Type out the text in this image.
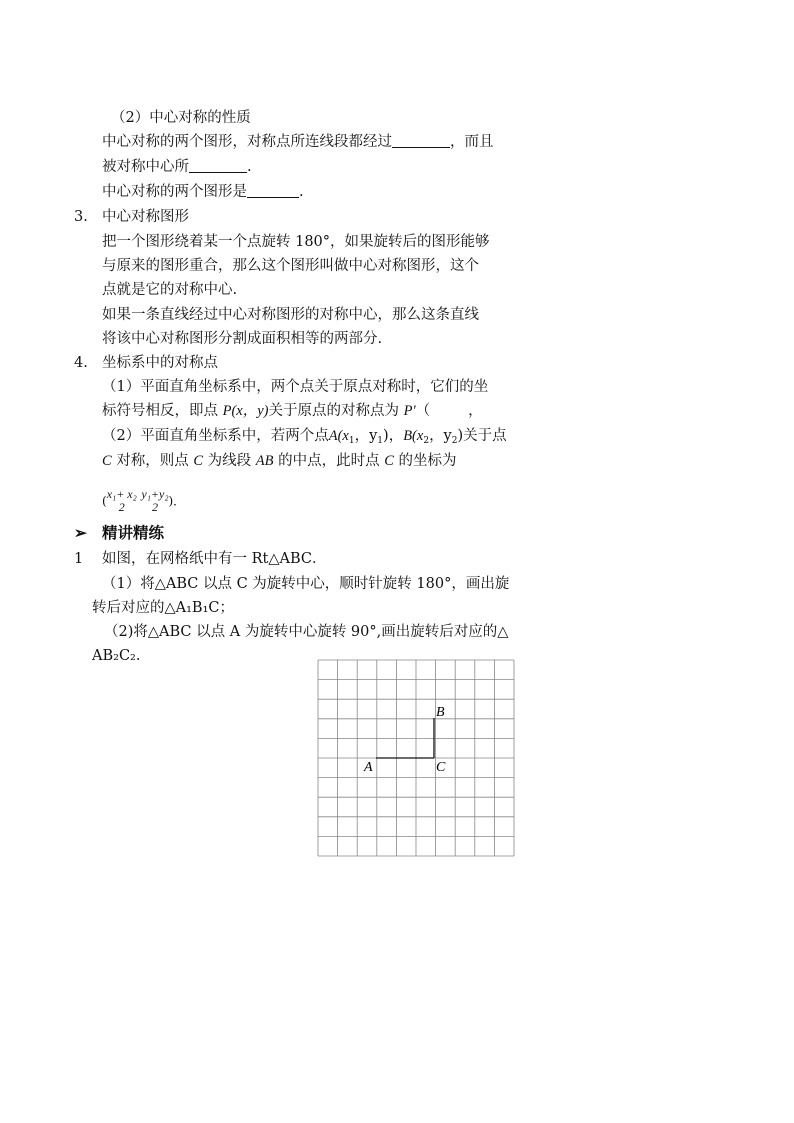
（2）中心对称的性质
中心对称的两个图形，对称点所连线段都经过	，而且
被对称中心所	.
中心对称的两个图形是	.
3. 中心对称图形
把一个图形绕着某一个点旋转 180°，如果旋转后的图形能够
与原来的图形重合，那么这个图形叫做中心对称图形，这个
点就是它的对称中心.
如果一条直线经过中心对称图形的对称中心，那么这条直线
将该中心对称图形分割成面积相等的两部分.
4. 坐标系中的对称点
（1）平面直角坐标系中，两个点关于原点对称时，它们的坐
标符号相反，即点 P(x，y)关于原点的对称点为 P′（	，
（2）平面直角坐标系中，若两个点$A(x_1$，$y_1$)，$B(x_2$，$y_2$)关于点
C 对称，则点 C 为线段 AB 的中点，此时点 C 的坐标为
( x₁+ x₂
2

y₁+y₂
2 )．
➢ 精讲精练
1 如图，在网格纸中有一 Rt△ABC．
（1）将△ABC 以点 C 为旋转中心，顺时针旋转 180°，画出旋
转后对应的△A₁B₁C；
（2)将△ABC 以点 A 为旋转中心旋转 90°,画出旋转后对应的△
AB₂C₂.
A
B
C
